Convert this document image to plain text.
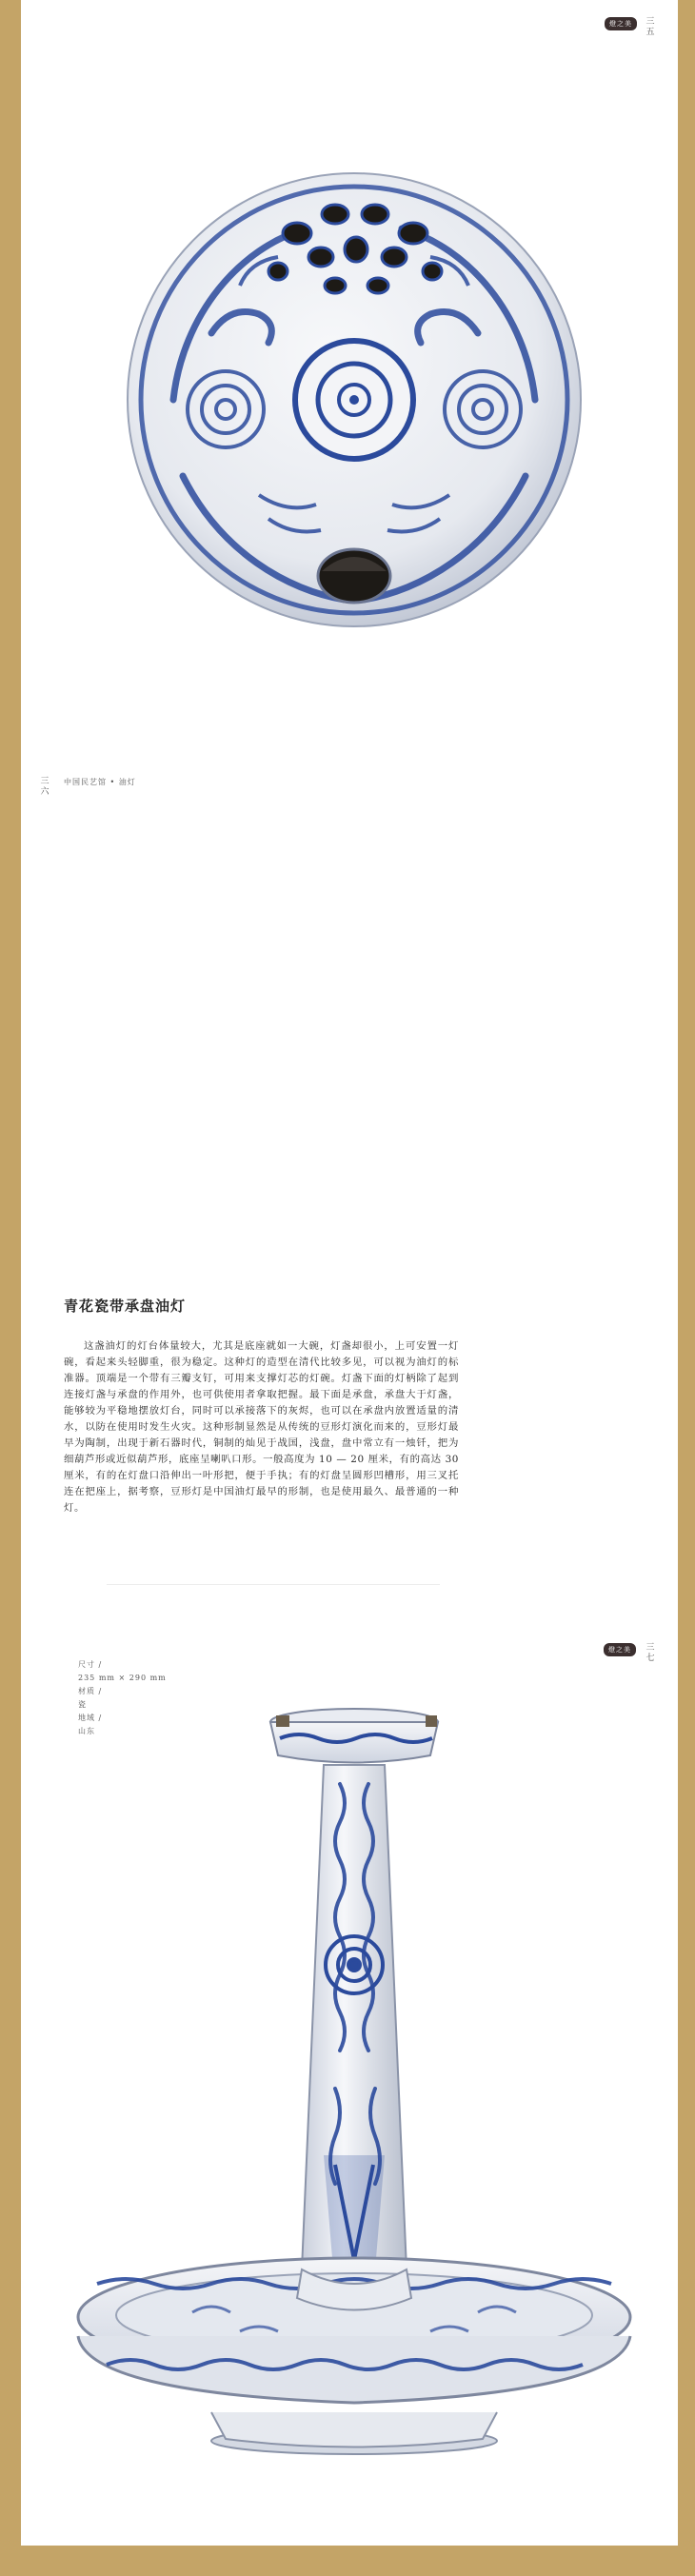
燈之美	三五
三六
中国民艺馆 • 油灯
青花瓷带承盘油灯

这盏油灯的灯台体量较大，尤其是底座就如一大碗，灯盏却很小，上可安置一灯碗，看起来头轻脚重，很为稳定。这种灯的造型在清代比较多见，可以视为油灯的标准器。顶端是一个带有三瓣支钉，可用来支撑灯芯的灯碗。灯盏下面的灯柄除了起到连接灯盏与承盘的作用外，也可供使用者拿取把握。最下面是承盘，承盘大于灯盏，能够较为平稳地摆放灯台，同时可以承接落下的灰烬，也可以在承盘内放置适量的清水，以防在使用时发生火灾。这种形制显然是从传统的豆形灯演化而来的，豆形灯最早为陶制，出现于新石器时代，铜制的灿见于战国，浅盘，盘中常立有一烛钎，把为细葫芦形或近似葫芦形，底座呈喇叭口形。一般高度为 10 — 20 厘米，有的高达 30 厘米，有的在灯盘口沿伸出一叶形把，便于手执；有的灯盘呈圆形凹槽形，用三叉托连在把座上，据考察，豆形灯是中国油灯最早的形制，也是使用最久、最普通的一种灯。

燈之美	三七
尺寸 /
235 mm × 290 mm
材质 /
瓷
地域 /
山东
